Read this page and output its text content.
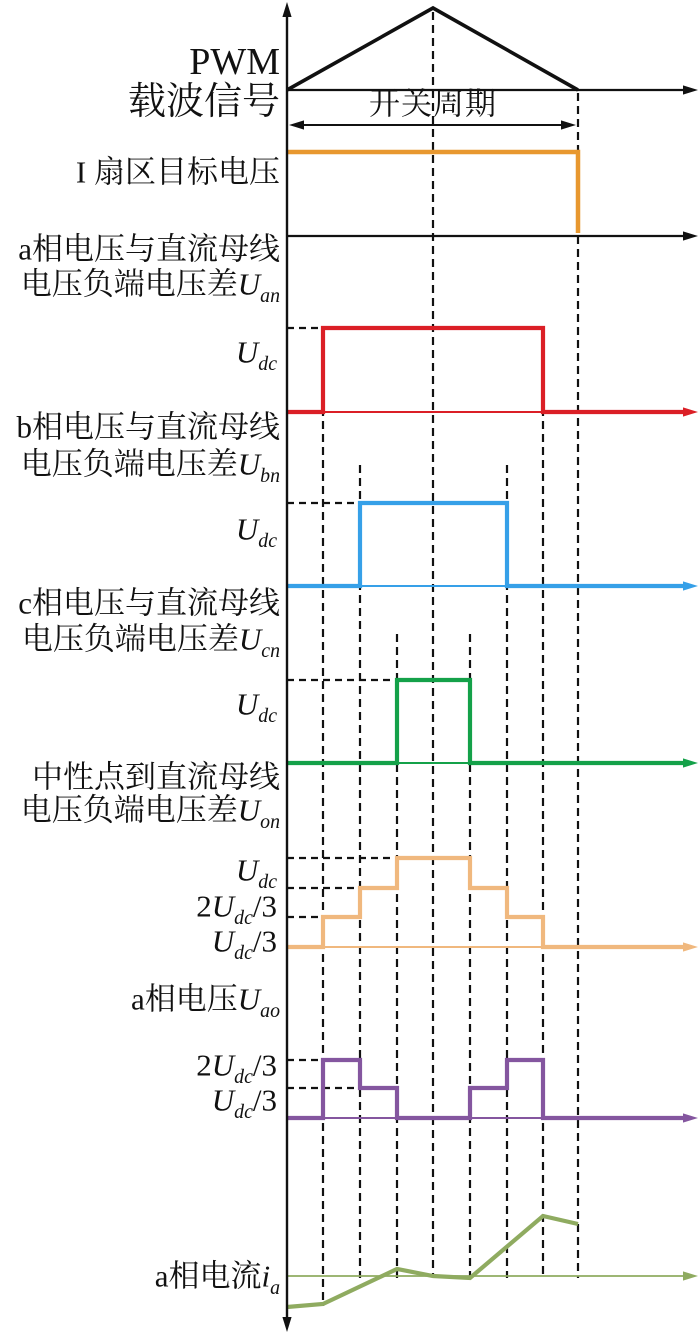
PWM
载波信号	开关周期
I 扇区目标电压
a相电压与直流母线
电压负端电压差$U_{an}$
$U_{dc}$
b相电压与直流母线
电压负端电压差$U_{bn}$
$U_{dc}$
c相电压与直流母线
电压负端电压差$U_{cn}$
$U_{dc}$
中性点到直流母线
电压负端电压差$U_{on}$
$U_{dc}$
$2U_{dc}/3$
$U_{dc}/3$
a相电压$U_{ao}$
$2U_{dc}/3$
$U_{dc}/3$
a相电流$i_a$
